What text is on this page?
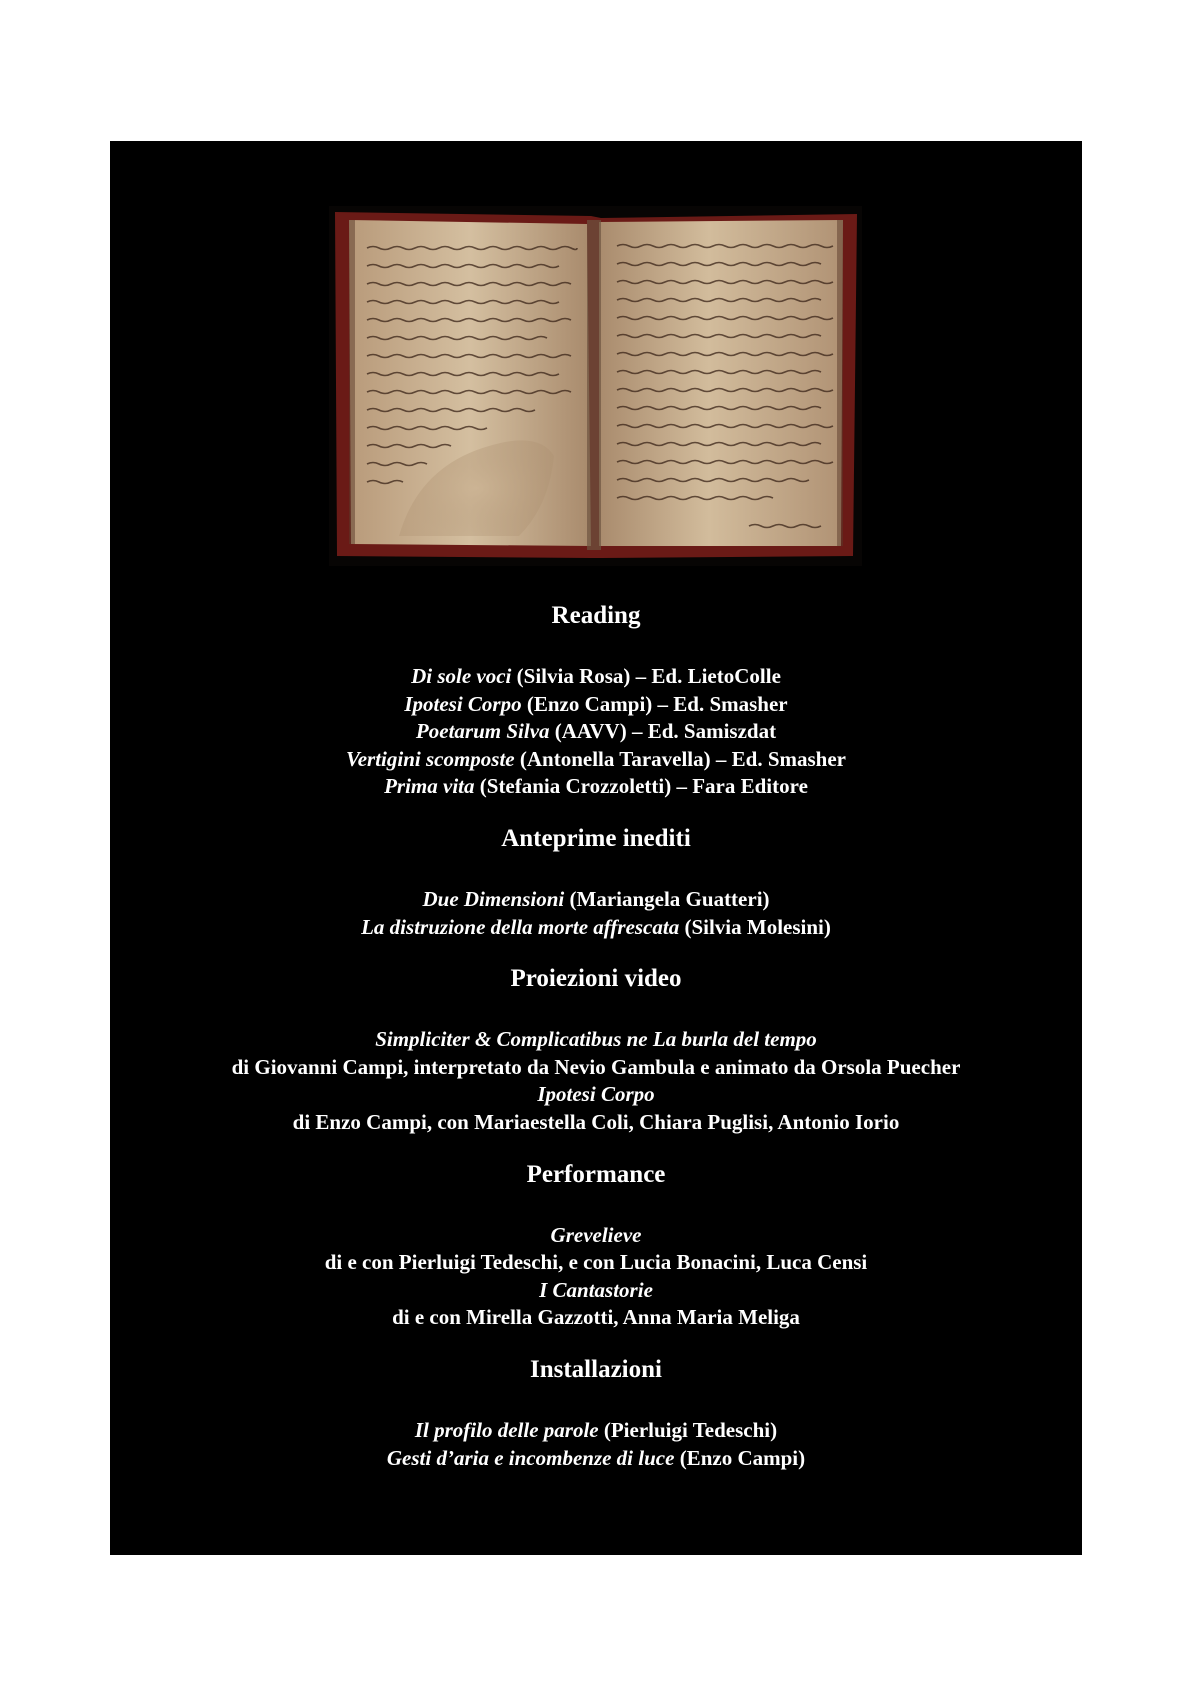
Reading
Di sole voci (Silvia Rosa) – Ed. LietoColle
Ipotesi Corpo (Enzo Campi) – Ed. Smasher
Poetarum Silva (AAVV) – Ed. Samiszdat
Vertigini scomposte (Antonella Taravella) – Ed. Smasher
Prima vita (Stefania Crozzoletti) – Fara Editore
Anteprime inediti
Due Dimensioni (Mariangela Guatteri)
La distruzione della morte affrescata (Silvia Molesini)
Proiezioni video
Simpliciter & Complicatibus ne La burla del tempo
di Giovanni Campi, interpretato da Nevio Gambula e animato da Orsola Puecher
Ipotesi Corpo
di Enzo Campi, con Mariaestella Coli, Chiara Puglisi, Antonio Iorio
Performance
Grevelieve
di e con Pierluigi Tedeschi, e con Lucia Bonacini, Luca Censi
I Cantastorie
di e con Mirella Gazzotti, Anna Maria Meliga
Installazioni
Il profilo delle parole (Pierluigi Tedeschi)
Gesti d’aria e incombenze di luce (Enzo Campi)
